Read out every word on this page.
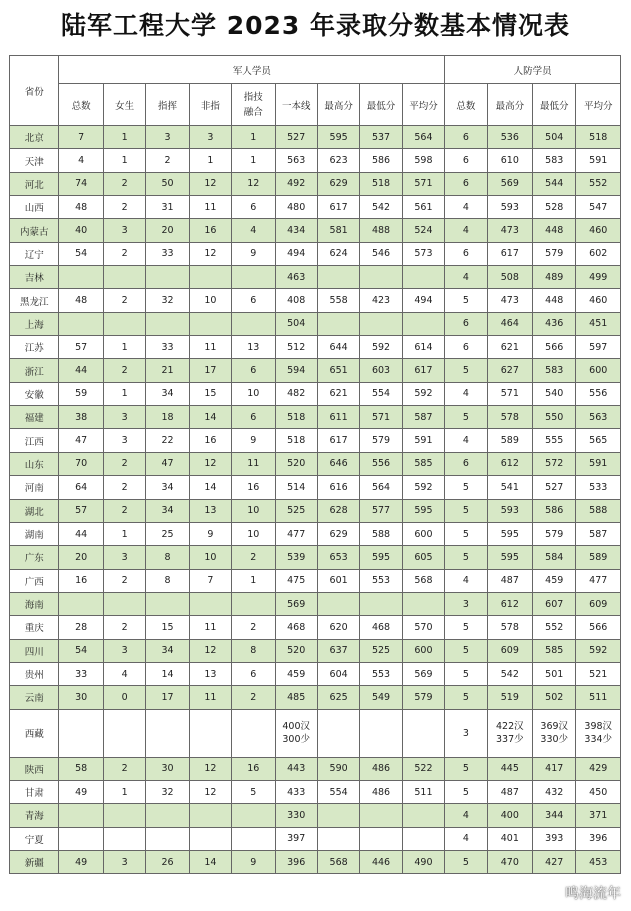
陆军工程大学 2023 年录取分数基本情况表
省份	军人学员									人防学员			
	总数	女生	指挥	非指	指技融合	一本线	最高分	最低分	平均分	总数	最高分	最低分	平均分
北京	7	1	3	3	1	527	595	537	564	6	536	504	518
天津	4	1	2	1	1	563	623	586	598	6	610	583	591
河北	74	2	50	12	12	492	629	518	571	6	569	544	552
山西	48	2	31	11	6	480	617	542	561	4	593	528	547
内蒙古	40	3	20	16	4	434	581	488	524	4	473	448	460
辽宁	54	2	33	12	9	494	624	546	573	6	617	579	602
吉林						463				4	508	489	499
黑龙江	48	2	32	10	6	408	558	423	494	5	473	448	460
上海						504				6	464	436	451
江苏	57	1	33	11	13	512	644	592	614	6	621	566	597
浙江	44	2	21	17	6	594	651	603	617	5	627	583	600
安徽	59	1	34	15	10	482	621	554	592	4	571	540	556
福建	38	3	18	14	6	518	611	571	587	5	578	550	563
江西	47	3	22	16	9	518	617	579	591	4	589	555	565
山东	70	2	47	12	11	520	646	556	585	6	612	572	591
河南	64	2	34	14	16	514	616	564	592	5	541	527	533
湖北	57	2	34	13	10	525	628	577	595	5	593	586	588
湖南	44	1	25	9	10	477	629	588	600	5	595	579	587
广东	20	3	8	10	2	539	653	595	605	5	595	584	589
广西	16	2	8	7	1	475	601	553	568	4	487	459	477
海南						569				3	612	607	609
重庆	28	2	15	11	2	468	620	468	570	5	578	552	566
四川	54	3	34	12	8	520	637	525	600	5	609	585	592
贵州	33	4	14	13	6	459	604	553	569	5	542	501	521
云南	30	0	17	11	2	485	625	549	579	5	519	502	511
西藏						400汉 300少				3	422汉 337少	369汉 330少	398汉 334少
陕西	58	2	30	12	16	443	590	486	522	5	445	417	429
甘肃	49	1	32	12	5	433	554	486	511	5	487	432	450
青海						330				4	400	344	371
宁夏						397				4	401	393	396
新疆	49	3	26	14	9	396	568	446	490	5	470	427	453
鸣海流年
